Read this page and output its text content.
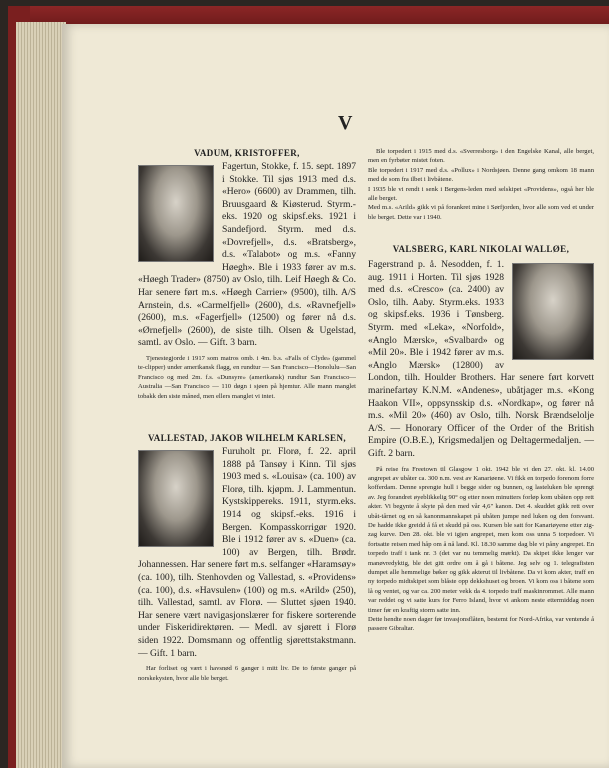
V
VADUM, KRISTOFFER,

Fagertun, Stokke, f. 15. sept. 1897 i Stokke. Til sjøs 1913 med d.s. «Hero» (6600) av Drammen, tilh. Bruusgaard & Kiøsterud. Styrm.-eks. 1920 og skipsf.eks. 1921 i Sandefjord. Styrm. med d.s. «Dovrefjell», d.s. «Bratsberg», d.s. «Talabot» og m.s. «Fanny Høegh». Ble i 1933 fører av m.s. «Høegh Trader» (8750) av Oslo, tilh. Leif Høegh & Co. Har senere ført m.s. «Høegh Carrier» (9500), tilh. A/S Arnstein, d.s. «Carmelfjell» (2600), d.s. «Ravnefjell» (2600), m.s. «Fagerfjell» (12500) og fører nå d.s. «Ørnefjell» (2600), de siste tilh. Olsen & Ugelstad, samtl. av Oslo. — Gift. 3 barn.

Tjenestegjorde i 1917 som matros omb. i 4m. b.s. «Falls of Clyde» (gammel te-clipper) under amerikansk flagg, en rundtur — San Francisco—Honolulu—San Francisco og med 2m. f.s. «Dunsyre» (amerikansk) rundtur San Francisco—Australia —San Francisco — 110 døgn i sjøen på hjemtur. Alle mann manglet tobakk den siste måned, men ellers manglet vi intet.

VALLESTAD, JAKOB WILHELM KARLSEN,

Furuholt pr. Florø, f. 22. april 1888 på Tansøy i Kinn. Til sjøs 1903 med s. «Louisa» (ca. 100) av Florø, tilh. kjøpm. J. Lammentun. Kystskippereks. 1911, styrm.eks. 1914 og skipsf.-eks. 1916 i Bergen. Kompasskorrigør 1920. Ble i 1912 fører av s. «Duen» (ca. 100) av Bergen, tilh. Brødr. Johannessen. Har senere ført m.s. selfanger «Haramsøy» (ca. 100), tilh. Stenhovden og Vallestad, s. «Providens» (ca. 100), d.s. «Havsulen» (100) og m.s. «Arild» (250), tilh. Vallestad, samtl. av Florø. — Sluttet sjøen 1940. Har senere vært navigasjonslærer for fiskere sorterende under Fiskeridirektøren. — Medl. av sjørett i Florø siden 1922. Domsmann og offentlig sjørettstakstmann. — Gift. 1 barn.

Har forliset og vært i havsnød 6 ganger i mitt liv. De to første ganger på norskekysten, hvor alle ble berget.

Ble torpedert i 1915 med d.s. «Sverresborg» i den Engelske Kanal, alle berget, men en fyrbøter mistet foten.
Ble torpedert i 1917 med d.s. «Pollux» i Nordsjøen. Denne gang omkom 18 mann med de som fra ilbet i livbåtene.
I 1935 ble vi rendt i senk i Bergens-leden med selskipet «Providens», også her ble alle berget.
Med m.s. «Arild» gikk vi på forankret mine i Sørfjorden, hvor alle som ved et under ble berget. Dette var i 1940.

VALSBERG, KARL NIKOLAI WALLØE,

Fagerstrand p. å. Nesodden, f. 1. aug. 1911 i Horten. Til sjøs 1928 med d.s. «Cresco» (ca. 2400) av Oslo, tilh. Aaby. Styrm.eks. 1933 og skipsf.eks. 1936 i Tønsberg. Styrm. med «Leka», «Norfold», «Anglo Mærsk», «Svalbard» og «Mil 20». Ble i 1942 fører av m.s. «Anglo Mærsk» (12800) av London, tilh. Houlder Brothers. Har senere ført korvett marinefartøy K.N.M. «Andenes», ubåtjager m.s. «Kong Haakon VII», oppsynsskip d.s. «Nordkap», og fører nå m.s. «Mil 20» (460) av Oslo, tilh. Norsk Brændselolje A/S. — Honorary Officer of the Order of the British Empire (O.B.E.), Krigsmedaljen og Deltagermedaljen. — Gift. 2 barn.

På reise fra Freetown til Glasgow 1 okt. 1942 ble vi den 27. okt. kl. 14.00 angrepet av ubåter ca. 300 n.m. vest av Kanariøene. Vi fikk en torpedo forenom forre kofferdam. Denne sprengte hull i begge sider og bunnen, og lasteluken ble sprengt av. Jeg forandret øyeblikkelig 90° og etter noen minutters forløp kom ubåten opp rett akter. Vi begynte å skyte på den med vår 4,6" kanon. Det 4. skuddet gikk rett over ubåt-tårnet og en så kanonmannskapet på ubåten jumpe ned luken og den forsvant. De hadde ikke greidd å få et skudd på oss. Kursen ble satt for Kanariøyene etter zig-zag kurve. Den 28. okt. ble vi igjen angrepet, men kom oss unna 5 torpedoer. Vi fortsatte reisen med håp om å nå land. Kl. 18.30 samme dag ble vi påny angrepet. En torpedo traff i tank nr. 3 (det var nu temmelig mørkt). Da skipet ikke lenger var manøvredyktig, ble det gitt ordre om å gå i båtene. Jeg selv og 1. telegrafisten dumpet alle hemmelige bøker og gikk akterut til livbåtene. Da vi kom akter, traff en ny torpedo midtskipet som blåste opp dekkshuset og broen. Vi kom oss i båtene som lå og ventet, og var ca. 200 meter vekk da 4. torpedo traff maskinrommet. Alle mann var reddet og vi satte kurs for Ferro Island, hvor vi ankom neste ettermiddag noen timer før en kraftig storm satte inn.
Dette hendte noen dager før invasjonsflåten, bestemt for Nord-Afrika, var ventende å passere Gibraltar.
